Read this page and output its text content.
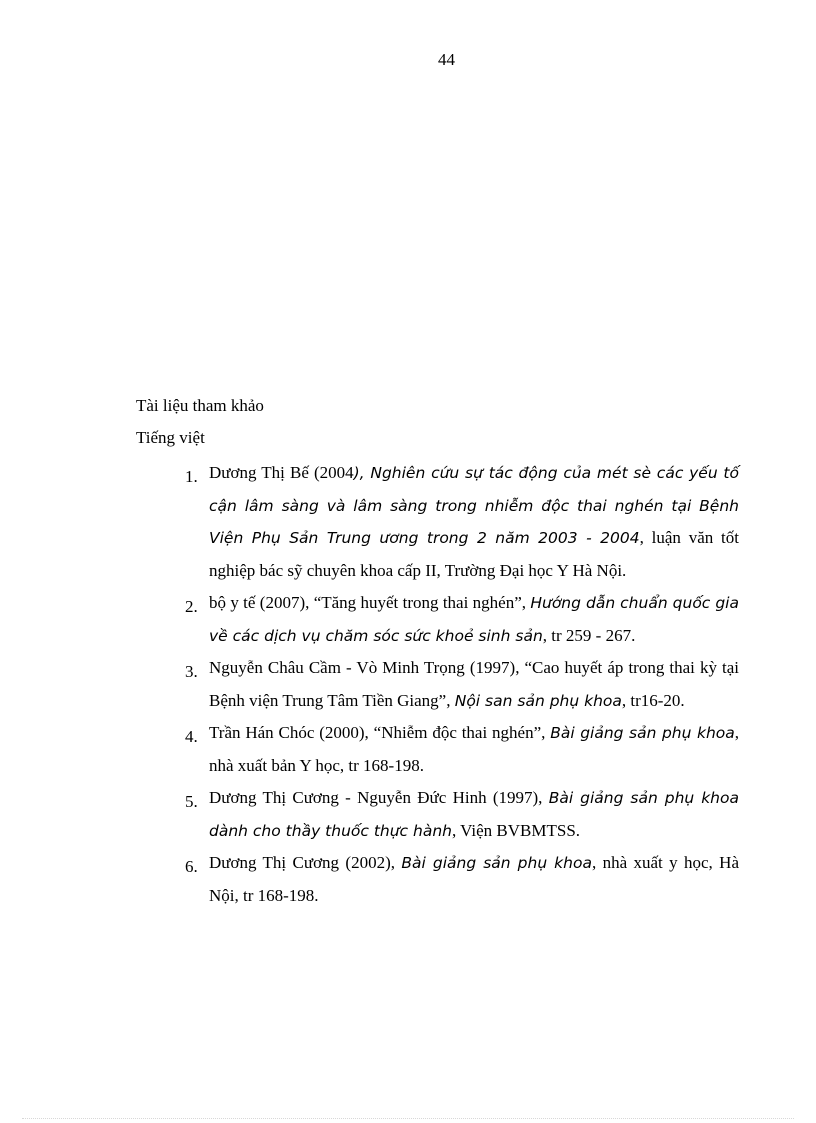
44
Tài liệu tham khảo
Tiếng việt
1. Dương Thị Bế (2004), Nghiên cứu sự tác động của mét sè các yếu tố cận lâm sàng và lâm sàng trong nhiễm độc thai nghén tại Bệnh Viện Phụ Sản Trung ương trong 2 năm 2003 - 2004, luận văn tốt nghiệp bác sỹ chuyên khoa cấp II, Trường Đại học Y Hà Nội.
2. bộ y tế (2007), “Tăng huyết trong thai nghén”, Hướng dẫn chuẩn quốc gia về các dịch vụ chăm sóc sức khoẻ sinh sản, tr 259 - 267.
3. Nguyễn Châu Cầm - Vò Minh Trọng (1997), “Cao huyết áp trong thai kỳ tại Bệnh viện Trung Tâm Tiền Giang”, Nội san sản phụ khoa, tr16-20.
4. Trần Hán Chóc (2000), “Nhiễm độc thai nghén”, Bài giảng sản phụ khoa, nhà xuất bản Y học, tr 168-198.
5. Dương Thị Cương - Nguyễn Đức Hinh (1997), Bài giảng sản phụ khoa dành cho thầy thuốc thực hành, Viện BVBMTSS.
6. Dương Thị Cương (2002), Bài giảng sản phụ khoa, nhà xuất y học, Hà Nội, tr 168-198.
